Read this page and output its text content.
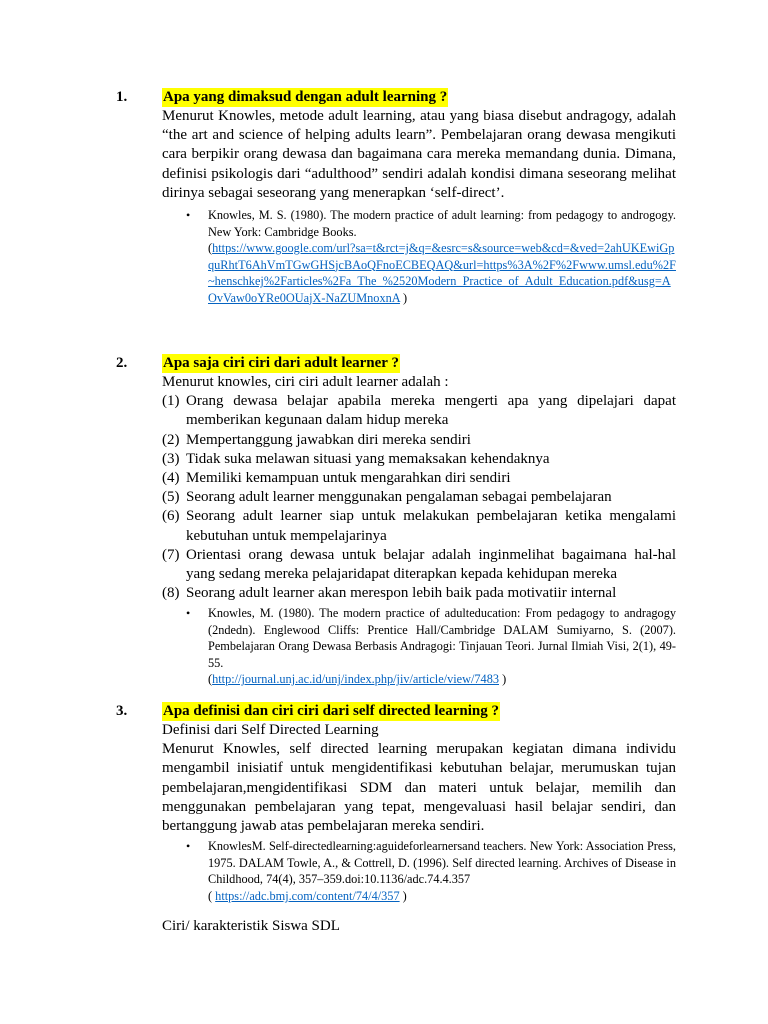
1.	Apa yang dimaksud dengan adult learning ?

Menurut Knowles, metode adult learning, atau yang biasa disebut andragogy, adalah “the art and science of helping adults learn”. Pembelajaran orang dewasa mengikuti cara berpikir orang dewasa dan bagaimana cara mereka memandang dunia. Dimana, definisi psikologis dari “adulthood” sendiri adalah kondisi dimana seseorang melihat dirinya sebagai seseorang yang menerapkan ‘self-direct’.

• Knowles, M. S. (1980). The modern practice of adult learning: from pedagogy to androgogy. New York: Cambridge Books.
(https://www.google.com/url?sa=t&rct=j&q=&esrc=s&source=web&cd=&ved=2ahUKEwiGpquRhtT6AhVmTGwGHSjcBAoQFnoECBEQAQ&url=https%3A%2F%2Fwww.umsl.edu%2F~henschkej%2Farticles%2Fa_The_%2520Modern_Practice_of_Adult_Education.pdf&usg=AOvVaw0oYRe0OUajX-NaZUMnoxnA )
2.	Apa saja ciri ciri dari adult learner ?

Menurut knowles, ciri ciri adult learner adalah :

(1) Orang dewasa belajar apabila mereka mengerti apa yang dipelajari dapat memberikan kegunaan dalam hidup mereka
(2) Mempertanggung jawabkan diri mereka sendiri
(3) Tidak suka melawan situasi yang memaksakan kehendaknya
(4) Memiliki kemampuan untuk mengarahkan diri sendiri
(5) Seorang adult learner menggunakan pengalaman sebagai pembelajaran
(6) Seorang adult learner siap untuk melakukan pembelajaran ketika mengalami kebutuhan untuk mempelajarinya
(7) Orientasi orang dewasa untuk belajar adalah inginmelihat bagaimana hal-hal yang sedang mereka pelajaridapat diterapkan kepada kehidupan mereka
(8) Seorang adult learner akan merespon lebih baik pada motivatiir internal
• Knowles, M. (1980). The modern practice of adulteducation: From pedagogy to andragogy (2ndedn). Englewood Cliffs: Prentice Hall/Cambridge DALAM Sumiyarno, S. (2007). Pembelajaran Orang Dewasa Berbasis Andragogi: Tinjauan Teori. Jurnal Ilmiah Visi, 2(1), 49-55.
(http://journal.unj.ac.id/unj/index.php/jiv/article/view/7483 )
3.	Apa definisi dan ciri ciri dari self directed learning ?

Definisi dari Self Directed Learning

Menurut Knowles, self directed learning merupakan kegiatan dimana individu mengambil inisiatif untuk mengidentifikasi kebutuhan belajar, merumuskan tujan pembelajaran,mengidentifikasi SDM dan materi untuk belajar, memilih dan menggunakan pembelajaran yang tepat, mengevaluasi hasil belajar sendiri, dan bertanggung jawab atas pembelajaran mereka sendiri.

• KnowlesM. Self-directedlearning:aguideforlearnersand teachers. New York: Association Press, 1975. DALAM Towle, A., & Cottrell, D. (1996). Self directed learning. Archives of Disease in Childhood, 74(4), 357–359.doi:10.1136/adc.74.4.357
( https://adc.bmj.com/content/74/4/357 )
Ciri/ karakteristik Siswa SDL
